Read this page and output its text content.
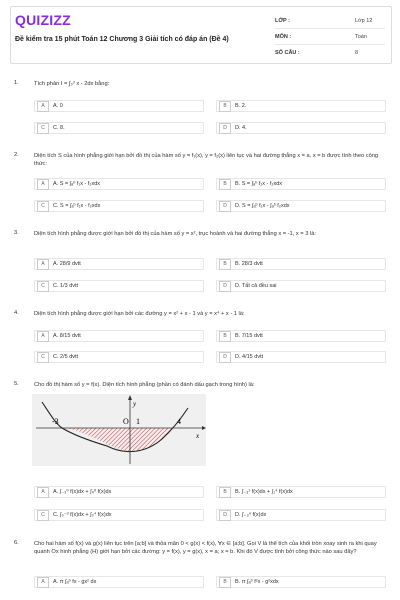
QUIZIZZ
Đề kiểm tra 15 phút Toán 12 Chương 3 Giải tích có đáp án (Đề 4)
LỚP :	Lớp 12
MÔN :	Toán
SỐ CÂU :	8
1.	Tích phân I = ∫₀³ x - 2dx bằng:
A	A. 0	B	B. 2.
C	C. 8.	D	D. 4.
2.	Diện tích S của hình phẳng giới hạn bởi đồ thị của hàm số y = f₁(x), y = f₂(x) liên tục và hai đường thẳng x = a, x = b được tính theo công thức:
A	A. S = ∫ₐᵇ f₁x - f₂xdx	B	B. S = ∫ₐᵇ f₁x - f₂xdx
C	C. S = ∫ₐᵇ f₁x - f₂xdx	D	D. S = ∫ₐᵇ f₁x - ∫ₐᵇ f₂xdx
3.	Diện tích hình phẳng được giới hạn bởi đồ thị của hàm số y = x², trục hoành và hai đường thẳng x = -1, x = 3 là:
A	A. 28/9 dvtt	B	B. 28/3 dvtt
C	C. 1/3 dvtt	D	D. Tất cả đều sai
4.	Diện tích hình phẳng được giới hạn bởi các đường y = x² + x - 1 và y = x⁴ + x - 1 là:
A	A. 8/15 dvtt	B	B. 7/15 dvtt
C	C. 2/5 dvtt	D	D. 4/15 dvtt
5.	Cho đồ thị hàm số y = f(x). Diện tích hình phẳng (phần có đánh dấu gạch trong hình) là:
y
x
O
-3	1	4
A	A. ∫₋₃⁰ f(x)dx + ∫₄⁰ f(x)dx	B	B. ∫₋₃¹ f(x)dx + ∫₁⁴ f(x)dx
C	C. ∫₀⁻³ f(x)dx + ∫₀⁴ f(x)dx	D	D. ∫₋₃⁴ f(x)dx
6.	Cho hai hàm số f(x) và g(x) liên tục trên [a;b] và thỏa mãn 0 < g(x) < f(x), ∀x ∈ [a;b]. Gọi V là thể tích của khối tròn xoay sinh ra khi quay quanh Ox hình phẳng (H) giới hạn bởi các đường: y = f(x), y = g(x), x = a; x = b. Khi đó V được tính bởi công thức nào sau đây?
A	A. π ∫ₐᵇ fx - gx² dx	B	B. π ∫ₐᵇ f²x - g²xdx
